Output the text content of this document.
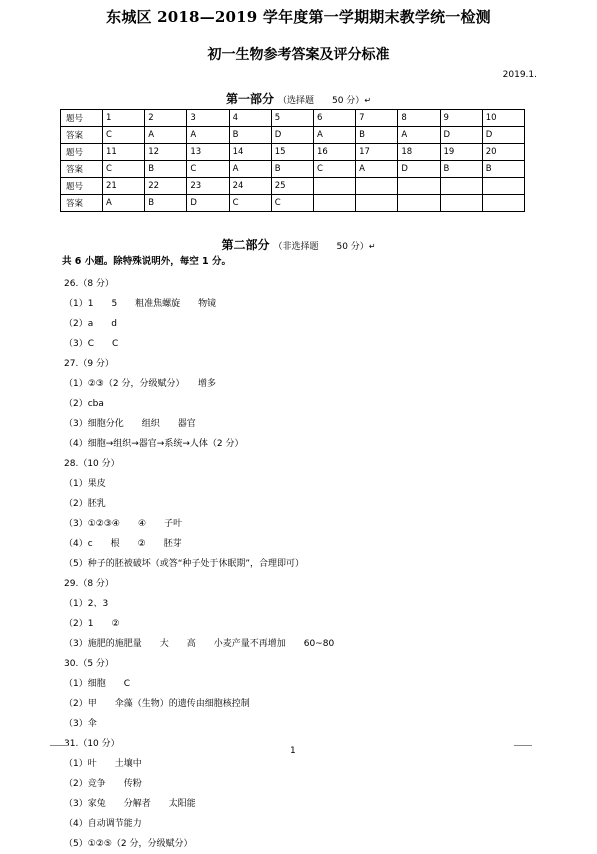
东城区 2018—2019 学年度第一学期期末教学统一检测
初一生物参考答案及评分标准
2019.1.
第一部分 （选择题　　50 分）↵
题号	1	2	3	4	5	6	7	8	9	10
答案	C	A	A	B	D	A	B	A	D	D
题号	11	12	13	14	15	16	17	18	19	20
答案	C	B	C	A	B	C	A	D	B	B
题号	21	22	23	24	25					
答案	A	B	D	C	C					
第二部分 （非选择题　　50 分）↵
共 6 小题。除特殊说明外，每空 1 分。
26.（8 分）
（1）1　　5　　粗准焦螺旋　　物镜
（2）a　　d
（3）C　　C
27.（9 分）
（1）②③（2 分，分级赋分）　　增多
（2）cba
（3）细胞分化　　组织　　器官
（4）细胞→组织→器官→系统→人体（2 分）
28.（10 分）
（1）果皮
（2）胚乳
（3）①②③④　　④　　子叶
（4）c　　根　　②　　胚芽
（5）种子的胚被破坏（或答“种子处于休眠期”，合理即可）
29.（8 分）
（1）2、3
（2）1　　②
（3）施肥的施肥量　　大　　高　　小麦产量不再增加　　60~80
30.（5 分）
（1）细胞　　C
（2）甲　　伞藻（生物）的遗传由细胞核控制
（3）伞
31.（10 分）
（1）叶　　土壤中
（2）竞争　　传粉
（3）家兔　　分解者　　太阳能
（4）自动调节能力
（5）①②⑤（2 分，分级赋分）
1
